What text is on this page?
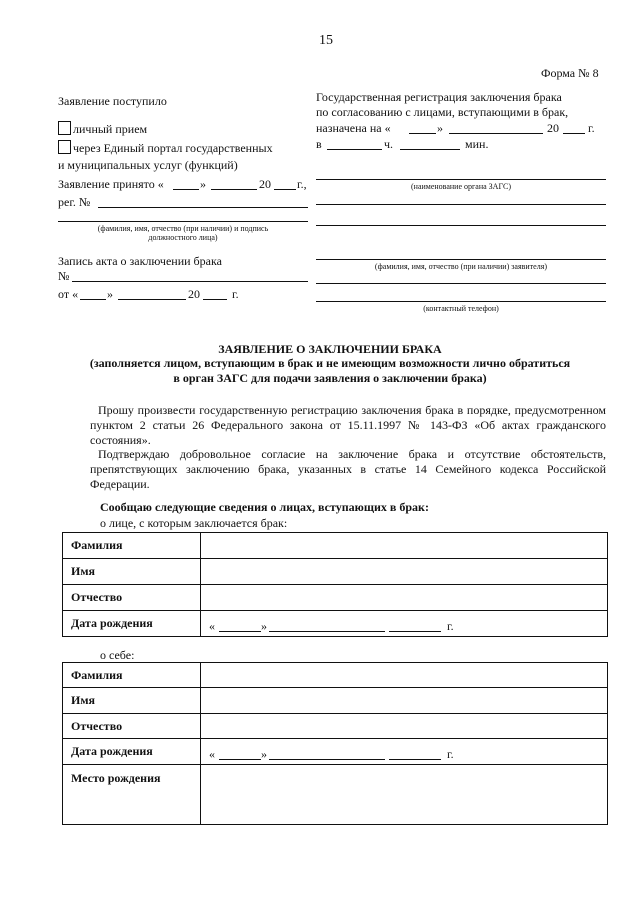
15
Форма № 8
Заявление поступило
личный прием
через Единый портал государственных
и муниципальных услуг (функций)
Заявление принято «	»	20 г.,
рег. №
(фамилия, имя, отчество (при наличии) и подпись
должностного лица)
Запись акта о заключении брака
№
от « »	20	г.
Государственная регистрация заключения брака
по согласованию с лицами, вступающими в брак,
назначена на «	»	20 г.
в	ч.	мин.
(наименование органа ЗАГС)
(фамилия, имя, отчество (при наличии) заявителя)
(контактный телефон)
ЗАЯВЛЕНИЕ О ЗАКЛЮЧЕНИИ БРАКА
(заполняется лицом, вступающим в брак и не имеющим возможности лично обратиться
в орган ЗАГС для подачи заявления о заключении брака)
Прошу произвести государственную регистрацию заключения брака в порядке, предусмотренном пунктом 2 статьи 26 Федерального закона от 15.11.1997 № 143-ФЗ «Об актах гражданского состояния».
Подтверждаю добровольное согласие на заключение брака и отсутствие обстоятельств, препятствующих заключению брака, указанных в статье 14 Семейного кодекса Российской Федерации.
Сообщаю следующие сведения о лицах, вступающих в брак:
о лице, с которым заключается брак:
Фамилия	
Имя	
Отчество	
Дата рождения	« » г.
о себе:
Фамилия	
Имя	
Отчество	
Дата рождения	« » г.

Место рождения	
